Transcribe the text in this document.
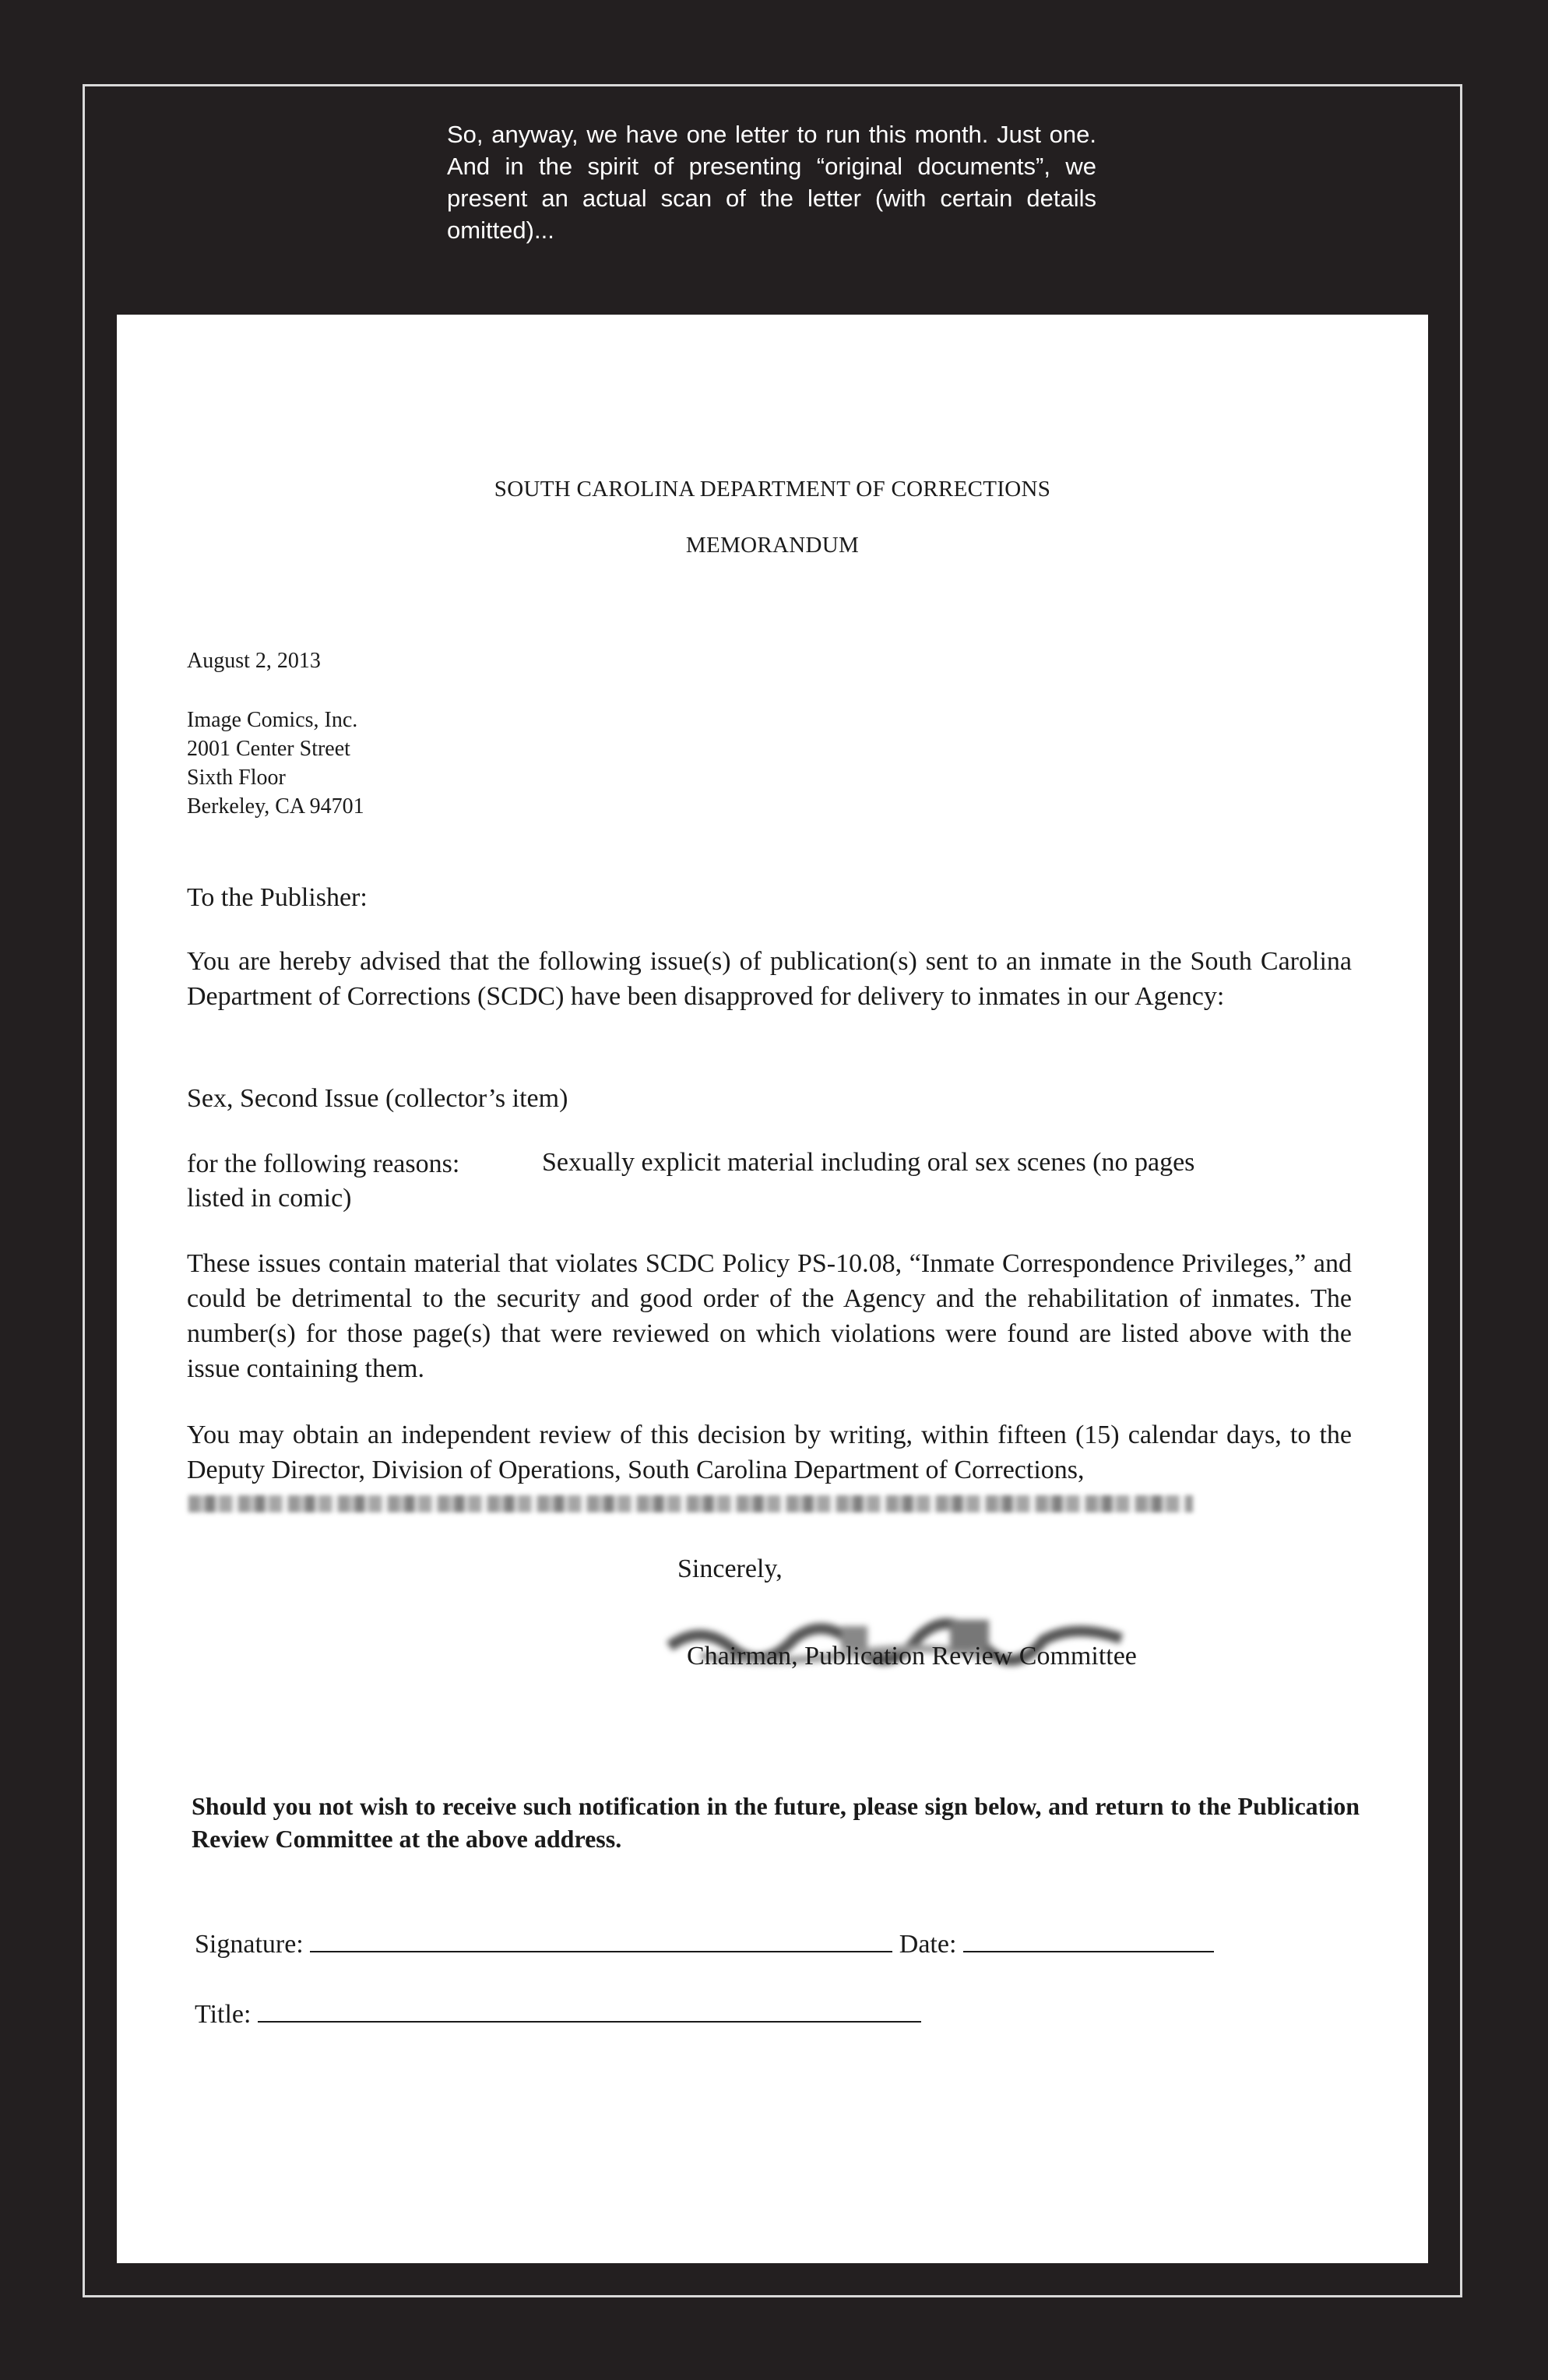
So, anyway, we have one letter to run this month. Just one. And in the spirit of presenting “original documents”, we present an actual scan of the letter (with certain details omitted)...
SOUTH CAROLINA DEPARTMENT OF CORRECTIONS
MEMORANDUM
August 2, 2013
Image Comics, Inc.
2001 Center Street
Sixth Floor
Berkeley, CA 94701
To the Publisher:
You are hereby advised that the following issue(s) of publication(s) sent to an inmate in the South Carolina Department of Corrections (SCDC) have been disapproved for delivery to inmates in our Agency:
Sex, Second Issue (collector’s item)
for the following reasons:	Sexually explicit material including oral sex scenes (no pages
listed in comic)
These issues contain material that violates SCDC Policy PS-10.08, “Inmate Correspondence Privileges,” and could be detrimental to the security and good order of the Agency and the rehabilitation of inmates. The number(s) for those page(s) that were reviewed on which violations were found are listed above with the issue containing them.
You may obtain an independent review of this decision by writing, within fifteen (15) calendar days, to the Deputy Director, Division of Operations, South Carolina Department of Corrections,
Sincerely,
Chairman, Publication Review Committee
Should you not wish to receive such notification in the future, please sign below, and return to the Publication Review Committee at the above address.
Signature:	Date:
Title:
